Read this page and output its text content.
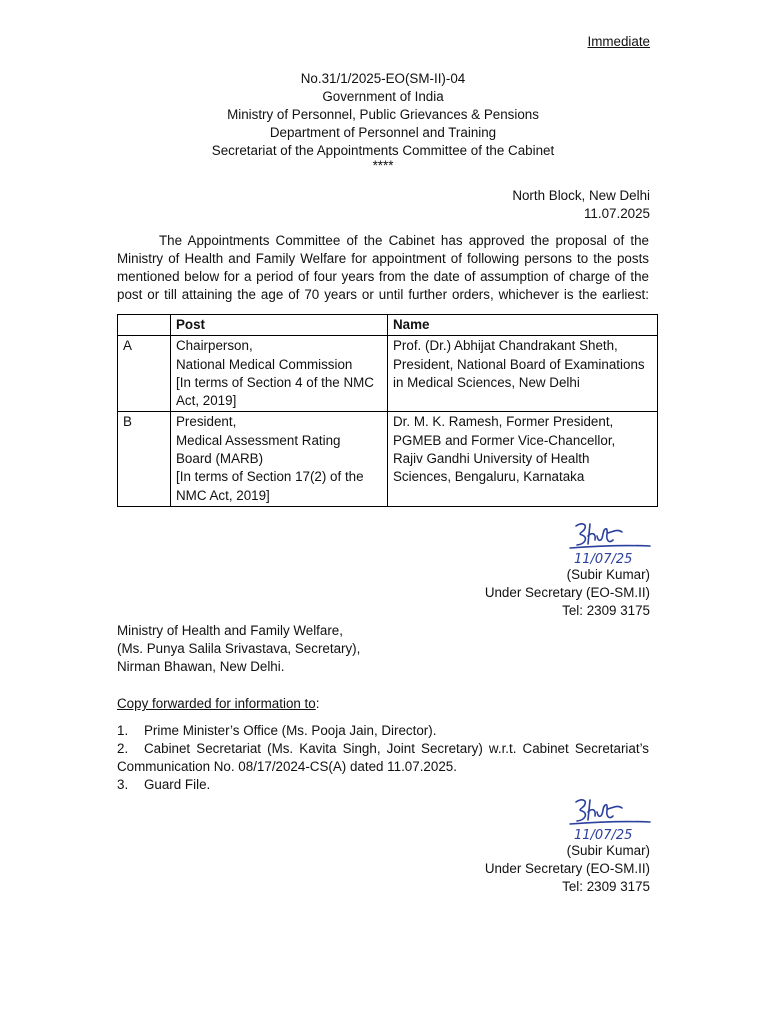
Immediate
No.31/1/2025-EO(SM-II)-04
Government of India
Ministry of Personnel, Public Grievances & Pensions
Department of Personnel and Training
Secretariat of the Appointments Committee of the Cabinet
****
North Block, New Delhi
11.07.2025
The Appointments Committee of the Cabinet has approved the proposal of the
Ministry of Health and Family Welfare for appointment of following persons to the posts
mentioned below for a period of four years from the date of assumption of charge of the
post or till attaining the age of 70 years or until further orders, whichever is the earliest:
	Post	Name
A	Chairperson,
National Medical Commission
[In terms of Section 4 of the NMC
Act, 2019]	Prof. (Dr.) Abhijat Chandrakant Sheth,
President, National Board of Examinations
in Medical Sciences, New Delhi

B	President,
Medical Assessment Rating
Board (MARB)
[In terms of Section 17(2) of the
NMC Act, 2019]	Dr. M. K. Ramesh, Former President,
PGMEB and Former Vice-Chancellor,
Rajiv Gandhi University of Health
Sciences, Bengaluru, Karnataka
11/07/25
(Subir Kumar)
Under Secretary (EO-SM.II)
Tel: 2309 3175
Ministry of Health and Family Welfare,
(Ms. Punya Salila Srivastava, Secretary),
Nirman Bhawan, New Delhi.
Copy forwarded for information to:
1. Prime Minister’s Office (Ms. Pooja Jain, Director).
2. Cabinet Secretariat (Ms. Kavita Singh, Joint Secretary) w.r.t. Cabinet Secretariat’s
Communication No. 08/17/2024-CS(A) dated 11.07.2025.
3. Guard File.
11/07/25
(Subir Kumar)
Under Secretary (EO-SM.II)
Tel: 2309 3175
